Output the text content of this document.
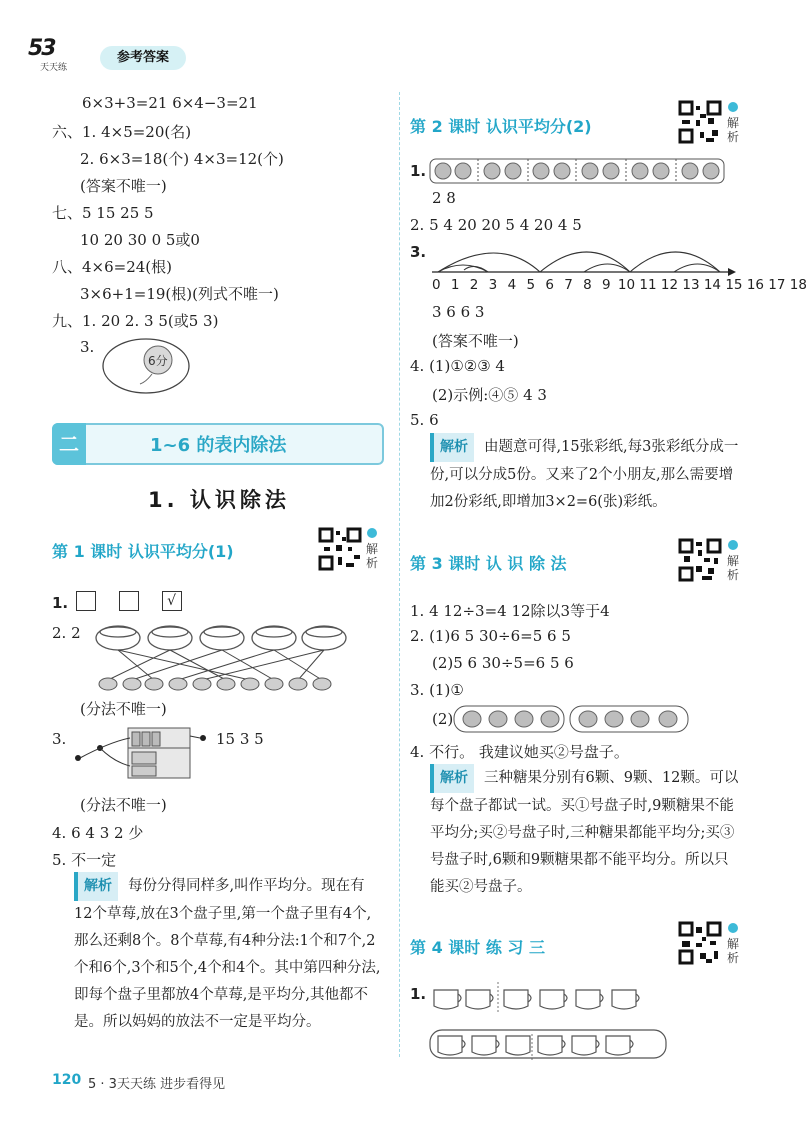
53
天天练
参考答案
6×3+3=21 6×4−3=21
六、1. 4×5=20(名)
2. 6×3=18(个) 4×3=12(个)
(答案不唯一)
七、5 15 25 5
10 20 30 0 5或0
八、4×6=24(根)
3×6+1=19(根)(列式不唯一)
九、1. 20 2. 3 5(或5 3)
3.
6分
二	1~6 的表内除法
1. 认识除法
第 1 课时 认识平均分(1)	解析
1.	√
2. 2
(分法不唯一)
3.	15 3 5
(分法不唯一)
4. 6 4 3 2 少
5. 不一定
解析 每份分得同样多,叫作平均分。现在有12个草莓,放在3个盘子里,第一个盘子里有4个,那么还剩8个。8个草莓,有4种分法:1个和7个,2个和6个,3个和5个,4个和4个。其中第四种分法,即每个盘子里都放4个草莓,是平均分,其他都不是。所以妈妈的放法不一定是平均分。
第 2 课时 认识平均分(2)	解析
1.
2 8
2. 5 4 20 20 5 4 20 4 5
3.
0 1 2 3 4 5 6 7 8 9 10 11 12 13 14 15 16 17 18
3 6 6 3
(答案不唯一)
4. (1)①②③ 4
(2)示例:④⑤ 4 3
5. 6
解析 由题意可得,15张彩纸,每3张彩纸分成一份,可以分成5份。又来了2个小朋友,那么需要增加2份彩纸,即增加3×2=6(张)彩纸。
第 3 课时 认 识 除 法	解析
1. 4 12÷3=4 12除以3等于4
2. (1)6 5 30÷6=5 6 5
(2)5 6 30÷5=6 5 6
3. (1)①
(2)
4. 不行。 我建议她买②号盘子。
解析 三种糖果分别有6颗、9颗、12颗。可以每个盘子都试一试。买①号盘子时,9颗糖果不能平均分;买②号盘子时,三种糖果都能平均分;买③号盘子时,6颗和9颗糖果都不能平均分。所以只能买②号盘子。
第 4 课时 练 习 三	解析
1.
120 5 · 3天天练 进步看得见
